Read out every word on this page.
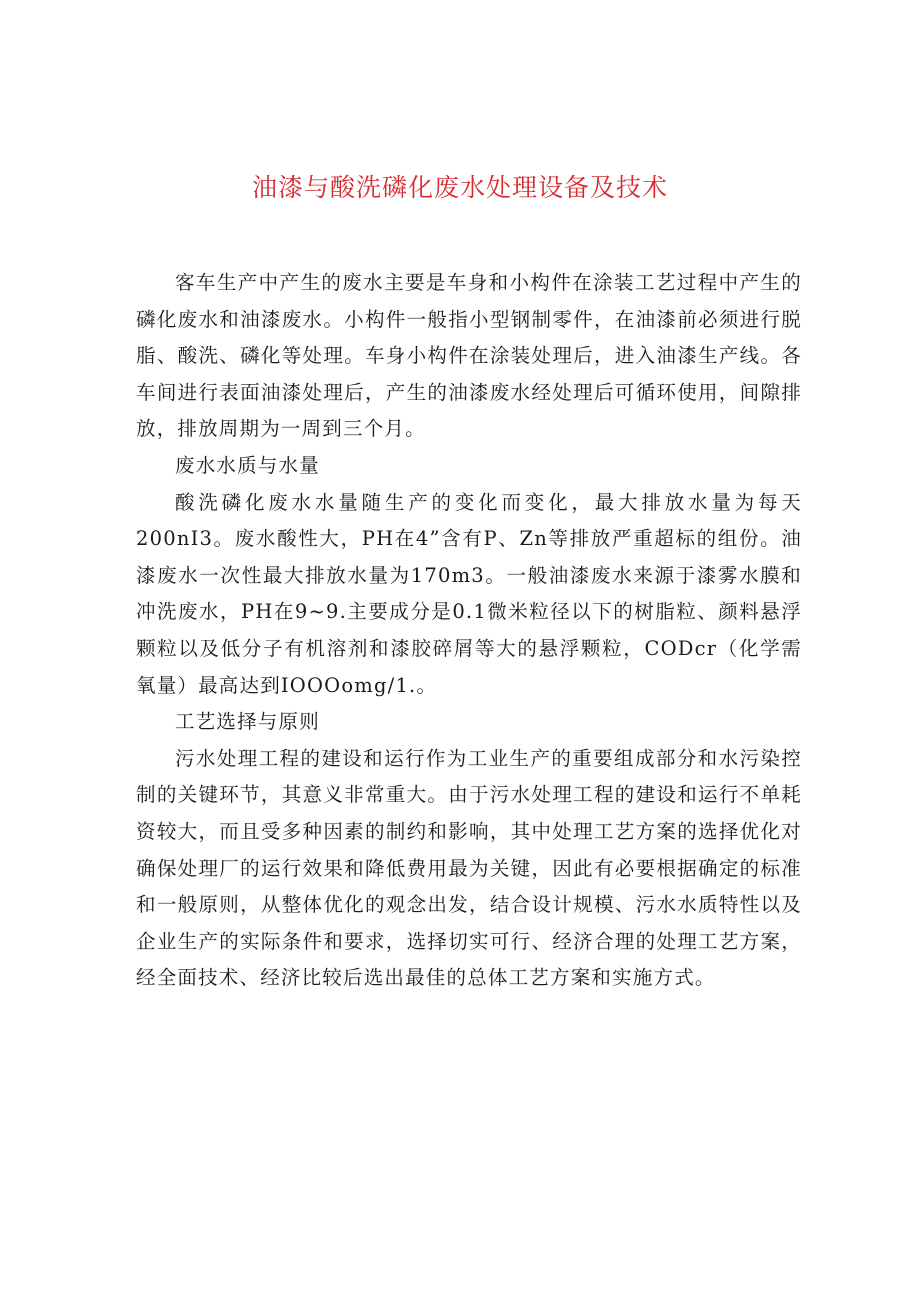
油漆与酸洗磷化废水处理设备及技术

客车生产中产生的废水主要是车身和小构件在涂装工艺过程中产生的磷化废水和油漆废水。小构件一般指小型钢制零件，在油漆前必须进行脱脂、酸洗、磷化等处理。车身小构件在涂装处理后，进入油漆生产线。各车间进行表面油漆处理后，产生的油漆废水经处理后可循环使用，间隙排放，排放周期为一周到三个月。

废水水质与水量

酸洗磷化废水水量随生产的变化而变化，最大排放水量为每天200nI3。废水酸性大，PH在4”含有P、Zn等排放严重超标的组份。油漆废水一次性最大排放水量为170m3。一般油漆废水来源于漆雾水膜和冲洗废水，PH在9~9.主要成分是0.1微米粒径以下的树脂粒、颜料悬浮颗粒以及低分子有机溶剂和漆胶碎屑等大的悬浮颗粒，CODcr（化学需氧量）最高达到IOOOomg/1.。

工艺选择与原则

污水处理工程的建设和运行作为工业生产的重要组成部分和水污染控制的关键环节，其意义非常重大。由于污水处理工程的建设和运行不单耗资较大，而且受多种因素的制约和影响，其中处理工艺方案的选择优化对确保处理厂的运行效果和降低费用最为关键，因此有必要根据确定的标准和一般原则，从整体优化的观念出发，结合设计规模、污水水质特性以及企业生产的实际条件和要求，选择切实可行、经济合理的处理工艺方案，经全面技术、经济比较后选出最佳的总体工艺方案和实施方式。
